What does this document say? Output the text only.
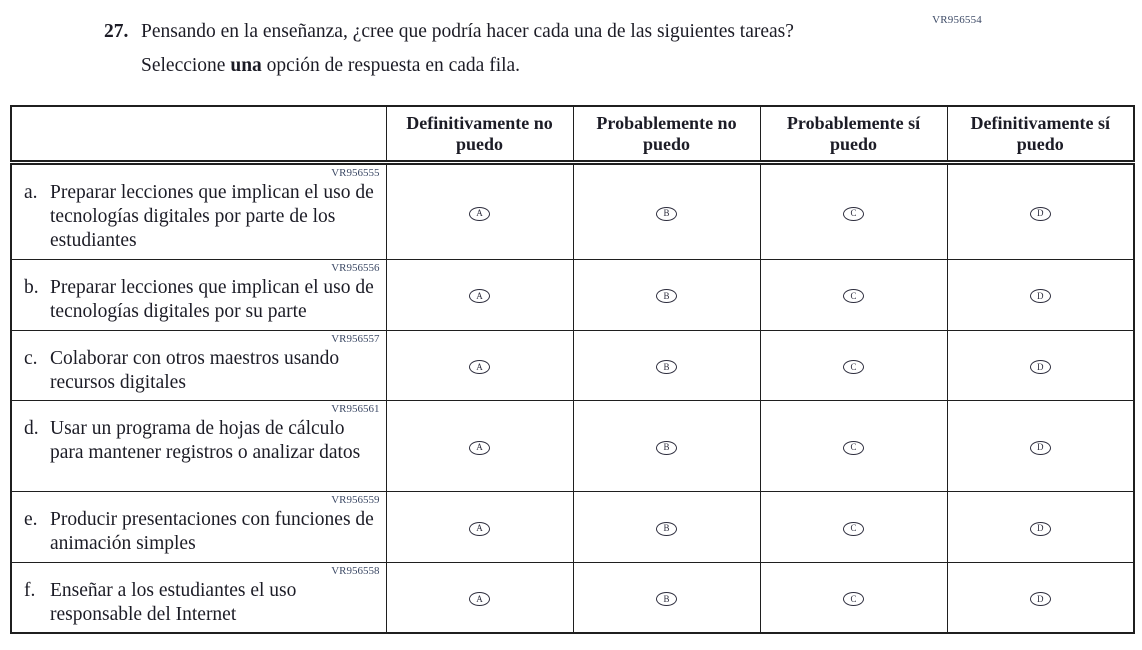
VR956554
27. Pensando en la enseñanza, ¿cree que podría hacer cada una de las siguientes tareas?
Seleccione una opción de respuesta en cada fila.
	Definitivamente no puedo	Probablemente no puedo	Probablemente sí puedo	Definitivamente sí puedo

VR956555
a. Preparar lecciones que implican el uso de tecnologías digitales por parte de los estudiantes	A	B	C	D

VR956556
b. Preparar lecciones que implican el uso de tecnologías digitales por su parte	A	B	C	D

VR956557
c. Colaborar con otros maestros usando recursos digitales	A	B	C	D

VR956561
d. Usar un programa de hojas de cálculo para mantener registros o analizar datos	A	B	C	D

VR956559
e. Producir presentaciones con funciones de animación simples	A	B	C	D

VR956558
f. Enseñar a los estudiantes el uso responsable del Internet	A	B	C	D
